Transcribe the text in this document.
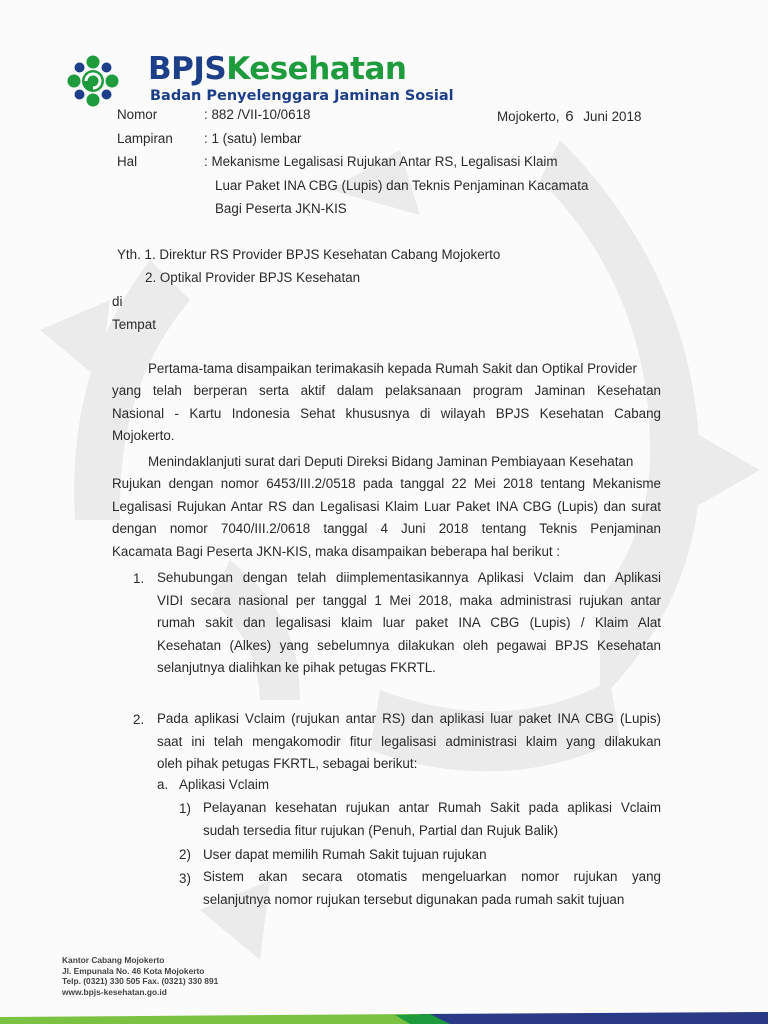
BPJSKesehatan
Badan Penyelenggara Jaminan Sosial
Nomor	: 882 /VII-10/0618	Mojokerto, 6 Juni 2018
Lampiran : 1 (satu) lembar
Hal	: Mekanisme Legalisasi Rujukan Antar RS, Legalisasi Klaim
Luar Paket INA CBG (Lupis) dan Teknis Penjaminan Kacamata
Bagi Peserta JKN-KIS
Yth. 1. Direktur RS Provider BPJS Kesehatan Cabang Mojokerto
2. Optikal Provider BPJS Kesehatan
di
Tempat
Pertama-tama disampaikan terimakasih kepada Rumah Sakit dan Optikal Provider
yang telah berperan serta aktif dalam pelaksanaan program Jaminan Kesehatan
Nasional - Kartu Indonesia Sehat khususnya di wilayah BPJS Kesehatan Cabang
Mojokerto.
Menindaklanjuti surat dari Deputi Direksi Bidang Jaminan Pembiayaan Kesehatan
Rujukan dengan nomor 6453/III.2/0518 pada tanggal 22 Mei 2018 tentang Mekanisme
Legalisasi Rujukan Antar RS dan Legalisasi Klaim Luar Paket INA CBG (Lupis) dan surat
dengan nomor 7040/III.2/0618 tanggal 4 Juni 2018 tentang Teknis Penjaminan
Kacamata Bagi Peserta JKN-KIS, maka disampaikan beberapa hal berikut :
1. Sehubungan dengan telah diimplementasikannya Aplikasi Vclaim dan Aplikasi
VIDI secara nasional per tanggal 1 Mei 2018, maka administrasi rujukan antar
rumah sakit dan legalisasi klaim luar paket INA CBG (Lupis) / Klaim Alat
Kesehatan (Alkes) yang sebelumnya dilakukan oleh pegawai BPJS Kesehatan
selanjutnya dialihkan ke pihak petugas FKRTL.
2. Pada aplikasi Vclaim (rujukan antar RS) dan aplikasi luar paket INA CBG (Lupis)
saat ini telah mengakomodir fitur legalisasi administrasi klaim yang dilakukan
oleh pihak petugas FKRTL, sebagai berikut:
a. Aplikasi Vclaim
1) Pelayanan kesehatan rujukan antar Rumah Sakit pada aplikasi Vclaim
sudah tersedia fitur rujukan (Penuh, Partial dan Rujuk Balik)
2) User dapat memilih Rumah Sakit tujuan rujukan
3) Sistem akan secara otomatis mengeluarkan nomor rujukan yang
selanjutnya nomor rujukan tersebut digunakan pada rumah sakit tujuan
Kantor Cabang Mojokerto
Jl. Empunala No. 46 Kota Mojokerto
Telp. (0321) 330 505 Fax. (0321) 330 891
www.bpjs-kesehatan.go.id
